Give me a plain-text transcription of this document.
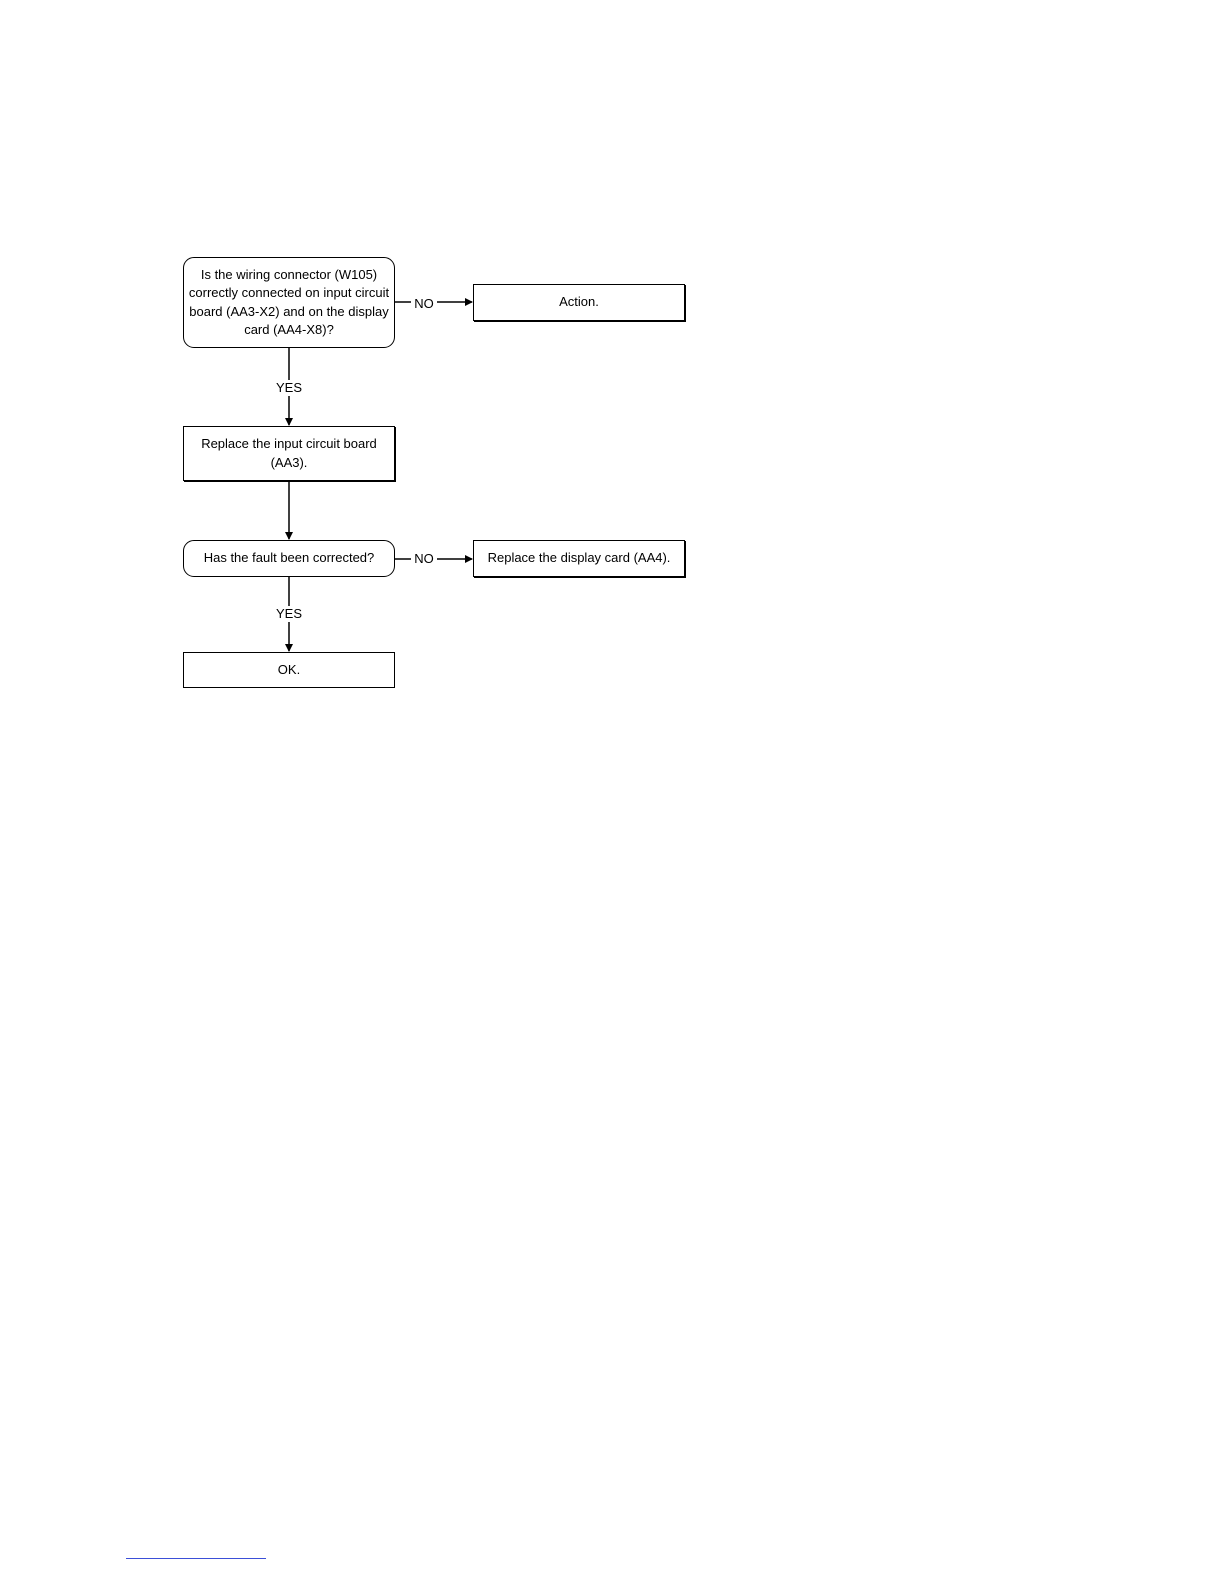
Is the wiring connector (W105) correctly connected on input circuit board (AA3-X2) and on the display card (AA4-X8)?
Action.
Replace the input circuit board (AA3).
Has the fault been corrected?	Replace the display card (AA4).
OK.
NO
YES
NO
YES
